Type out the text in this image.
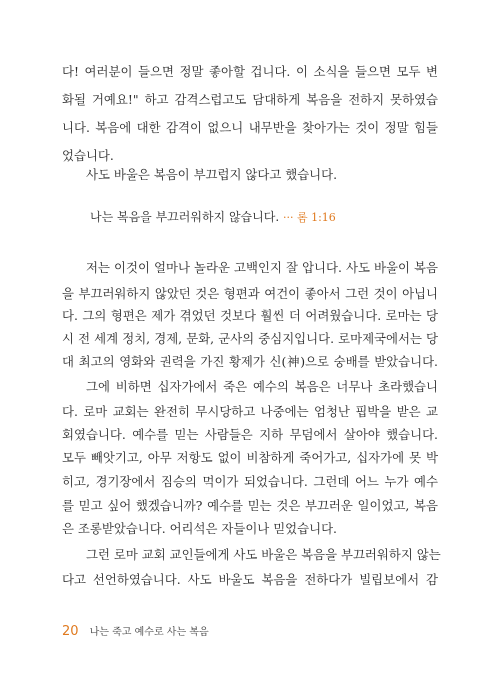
다! 여러분이 들으면 정말 좋아할 겁니다. 이 소식을 들으면 모두 변
화될 거예요!" 하고 감격스럽고도 담대하게 복음을 전하지 못하였습
니다. 복음에 대한 감격이 없으니 내무반을 찾아가는 것이 정말 힘들
었습니다.
사도 바울은 복음이 부끄럽지 않다고 했습니다.
나는 복음을 부끄러워하지 않습니다. ··· 롬 1:16
저는 이것이 얼마나 놀라운 고백인지 잘 압니다. 사도 바울이 복음
을 부끄러워하지 않았던 것은 형편과 여건이 좋아서 그런 것이 아닙니
다. 그의 형편은 제가 겪었던 것보다 훨씬 더 어려웠습니다. 로마는 당
시 전 세계 정치, 경제, 문화, 군사의 중심지입니다. 로마제국에서는 당
대 최고의 영화와 권력을 가진 황제가 신(神)으로 숭배를 받았습니다.
그에 비하면 십자가에서 죽은 예수의 복음은 너무나 초라했습니
다. 로마 교회는 완전히 무시당하고 나중에는 엄청난 핍박을 받은 교
회였습니다. 예수를 믿는 사람들은 지하 무덤에서 살아야 했습니다.
모두 빼앗기고, 아무 저항도 없이 비참하게 죽어가고, 십자가에 못 박
히고, 경기장에서 짐승의 먹이가 되었습니다. 그런데 어느 누가 예수
를 믿고 싶어 했겠습니까? 예수를 믿는 것은 부끄러운 일이었고, 복음
은 조롱받았습니다. 어리석은 자들이나 믿었습니다.
그런 로마 교회 교인들에게 사도 바울은 복음을 부끄러워하지 않는
다고 선언하였습니다. 사도 바울도 복음을 전하다가 빌립보에서 감
20 나는 죽고 예수로 사는 복음
